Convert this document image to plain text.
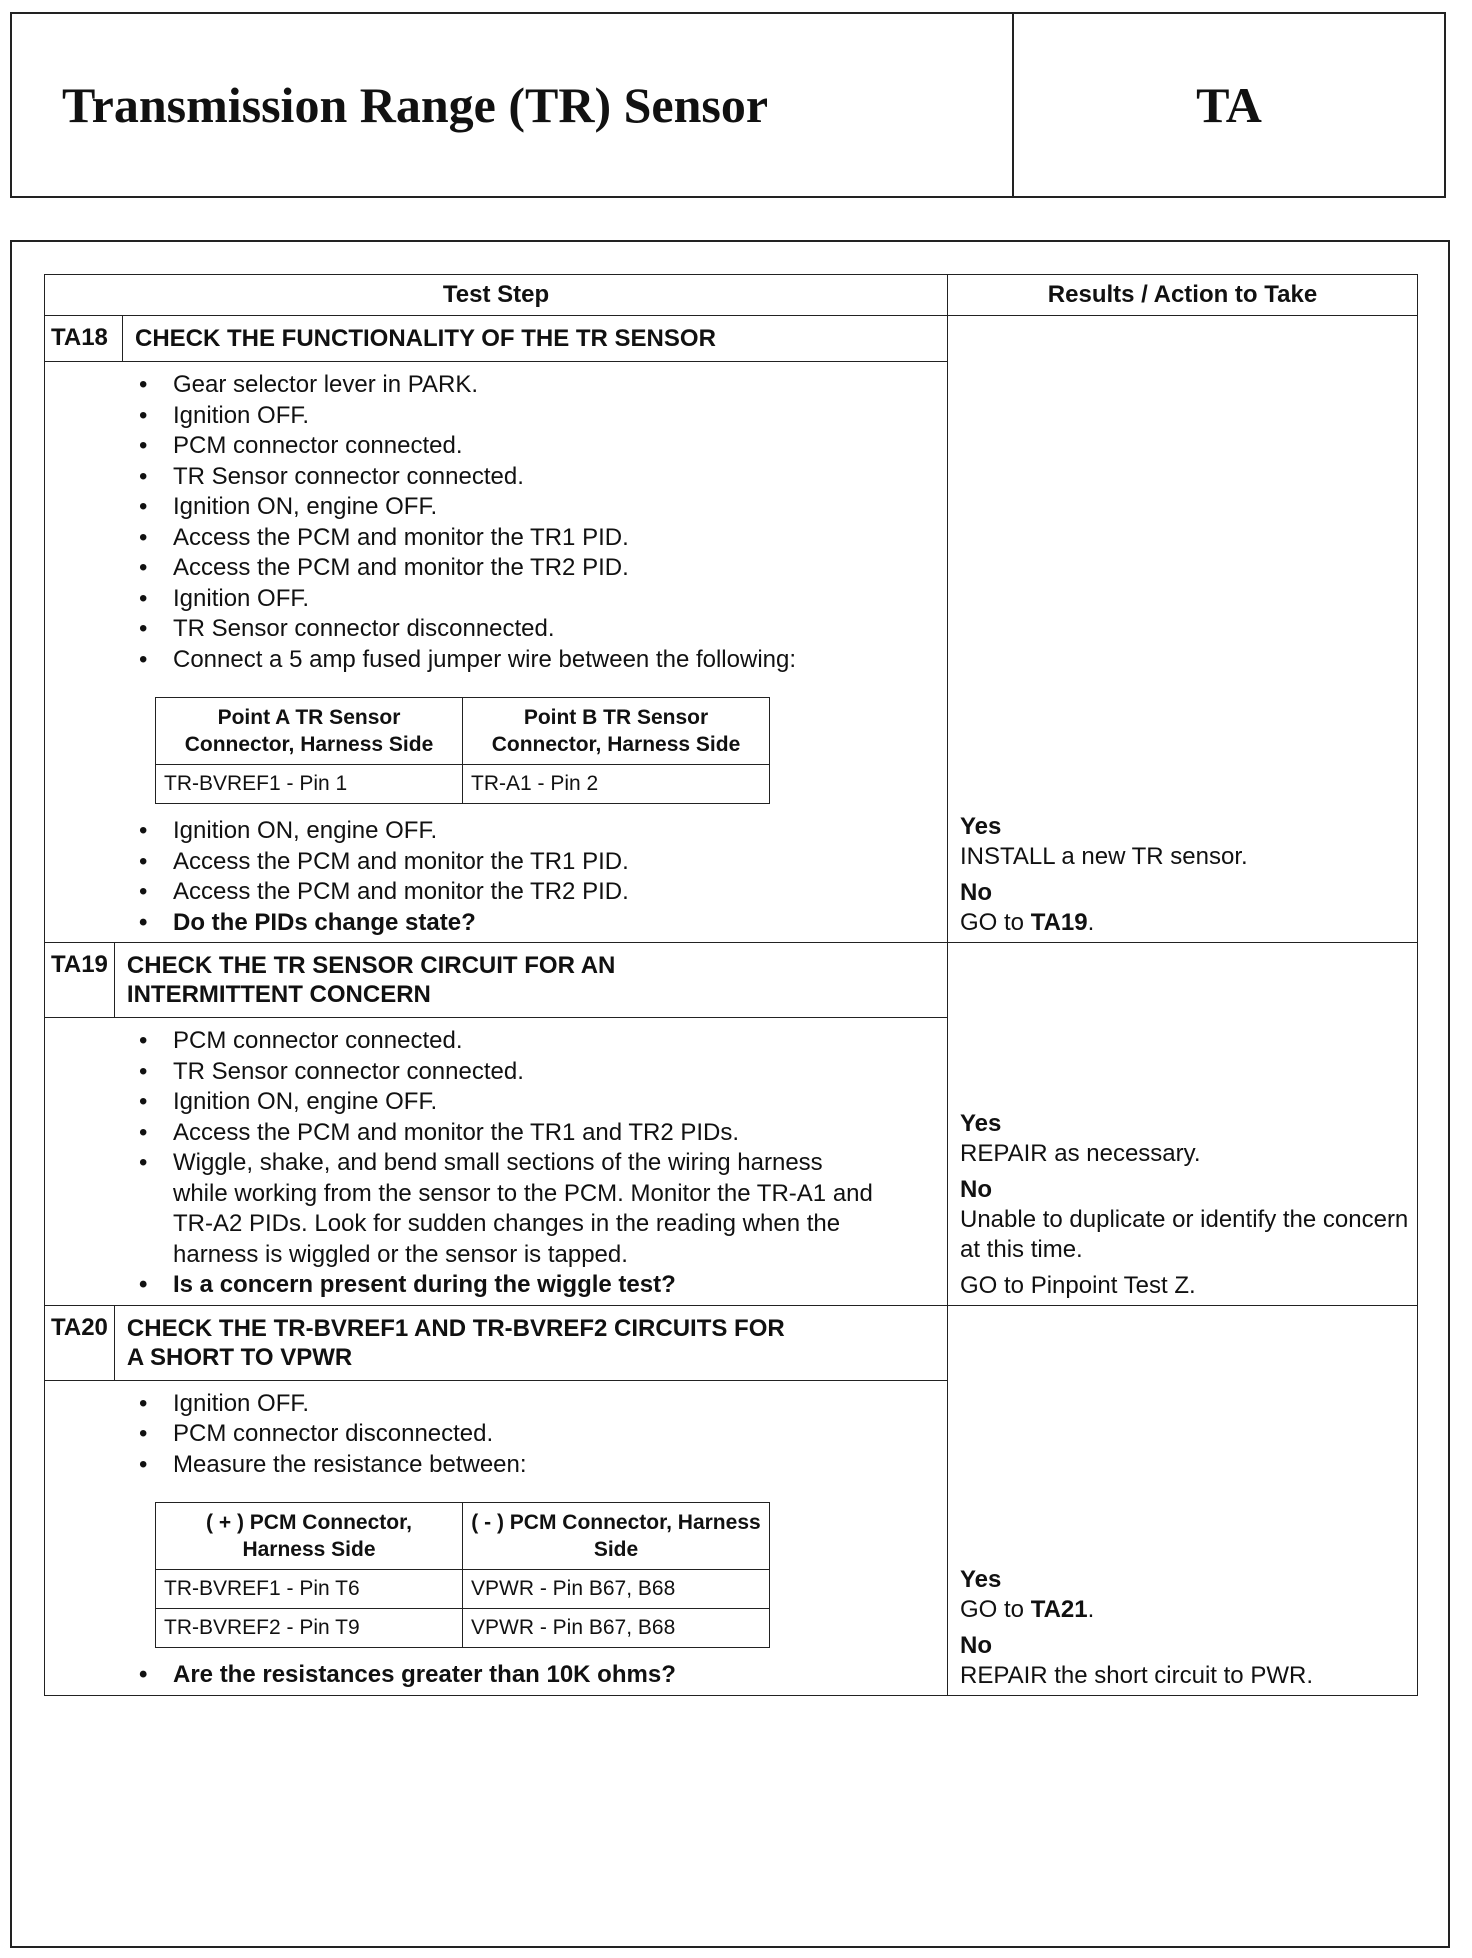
Transmission Range (TR) Sensor	TA
Test Step	Results / Action to Take

TA18	CHECK THE FUNCTIONALITY OF THE TR SENSOR
• Gear selector lever in PARK.
• Ignition OFF.
• PCM connector connected.
• TR Sensor connector connected.
• Ignition ON, engine OFF.
• Access the PCM and monitor the TR1 PID.
• Access the PCM and monitor the TR2 PID.
• Ignition OFF.
• TR Sensor connector disconnected.
• Connect a 5 amp fused jumper wire between the following:
Point A TR Sensor Connector, Harness Side	Point B TR Sensor Connector, Harness Side
TR-BVREF1 - Pin 1	TR-A1 - Pin 2
• Ignition ON, engine OFF.
• Access the PCM and monitor the TR1 PID.
• Access the PCM and monitor the TR2 PID.
• Do the PIDs change state?

Yes
INSTALL a new TR sensor.
No
GO to TA19.

TA19 CHECK THE TR SENSOR CIRCUIT FOR AN INTERMITTENT CONCERN
• PCM connector connected.
• TR Sensor connector connected.
• Ignition ON, engine OFF.
• Access the PCM and monitor the TR1 and TR2 PIDs.
• Wiggle, shake, and bend small sections of the wiring harness while working from the sensor to the PCM. Monitor the TR-A1 and TR-A2 PIDs. Look for sudden changes in the reading when the harness is wiggled or the sensor is tapped.
• Is a concern present during the wiggle test?

Yes
REPAIR as necessary.
No
Unable to duplicate or identify the concern at this time.
GO to Pinpoint Test Z.

TA20 CHECK THE TR-BVREF1 AND TR-BVREF2 CIRCUITS FOR A SHORT TO VPWR
• Ignition OFF.
• PCM connector disconnected.
• Measure the resistance between:
( + ) PCM Connector, Harness Side	( - ) PCM Connector, Harness Side
TR-BVREF1 - Pin T6	VPWR - Pin B67, B68
TR-BVREF2 - Pin T9	VPWR - Pin B67, B68
• Are the resistances greater than 10K ohms?

Yes
GO to TA21.
No
REPAIR the short circuit to PWR.
